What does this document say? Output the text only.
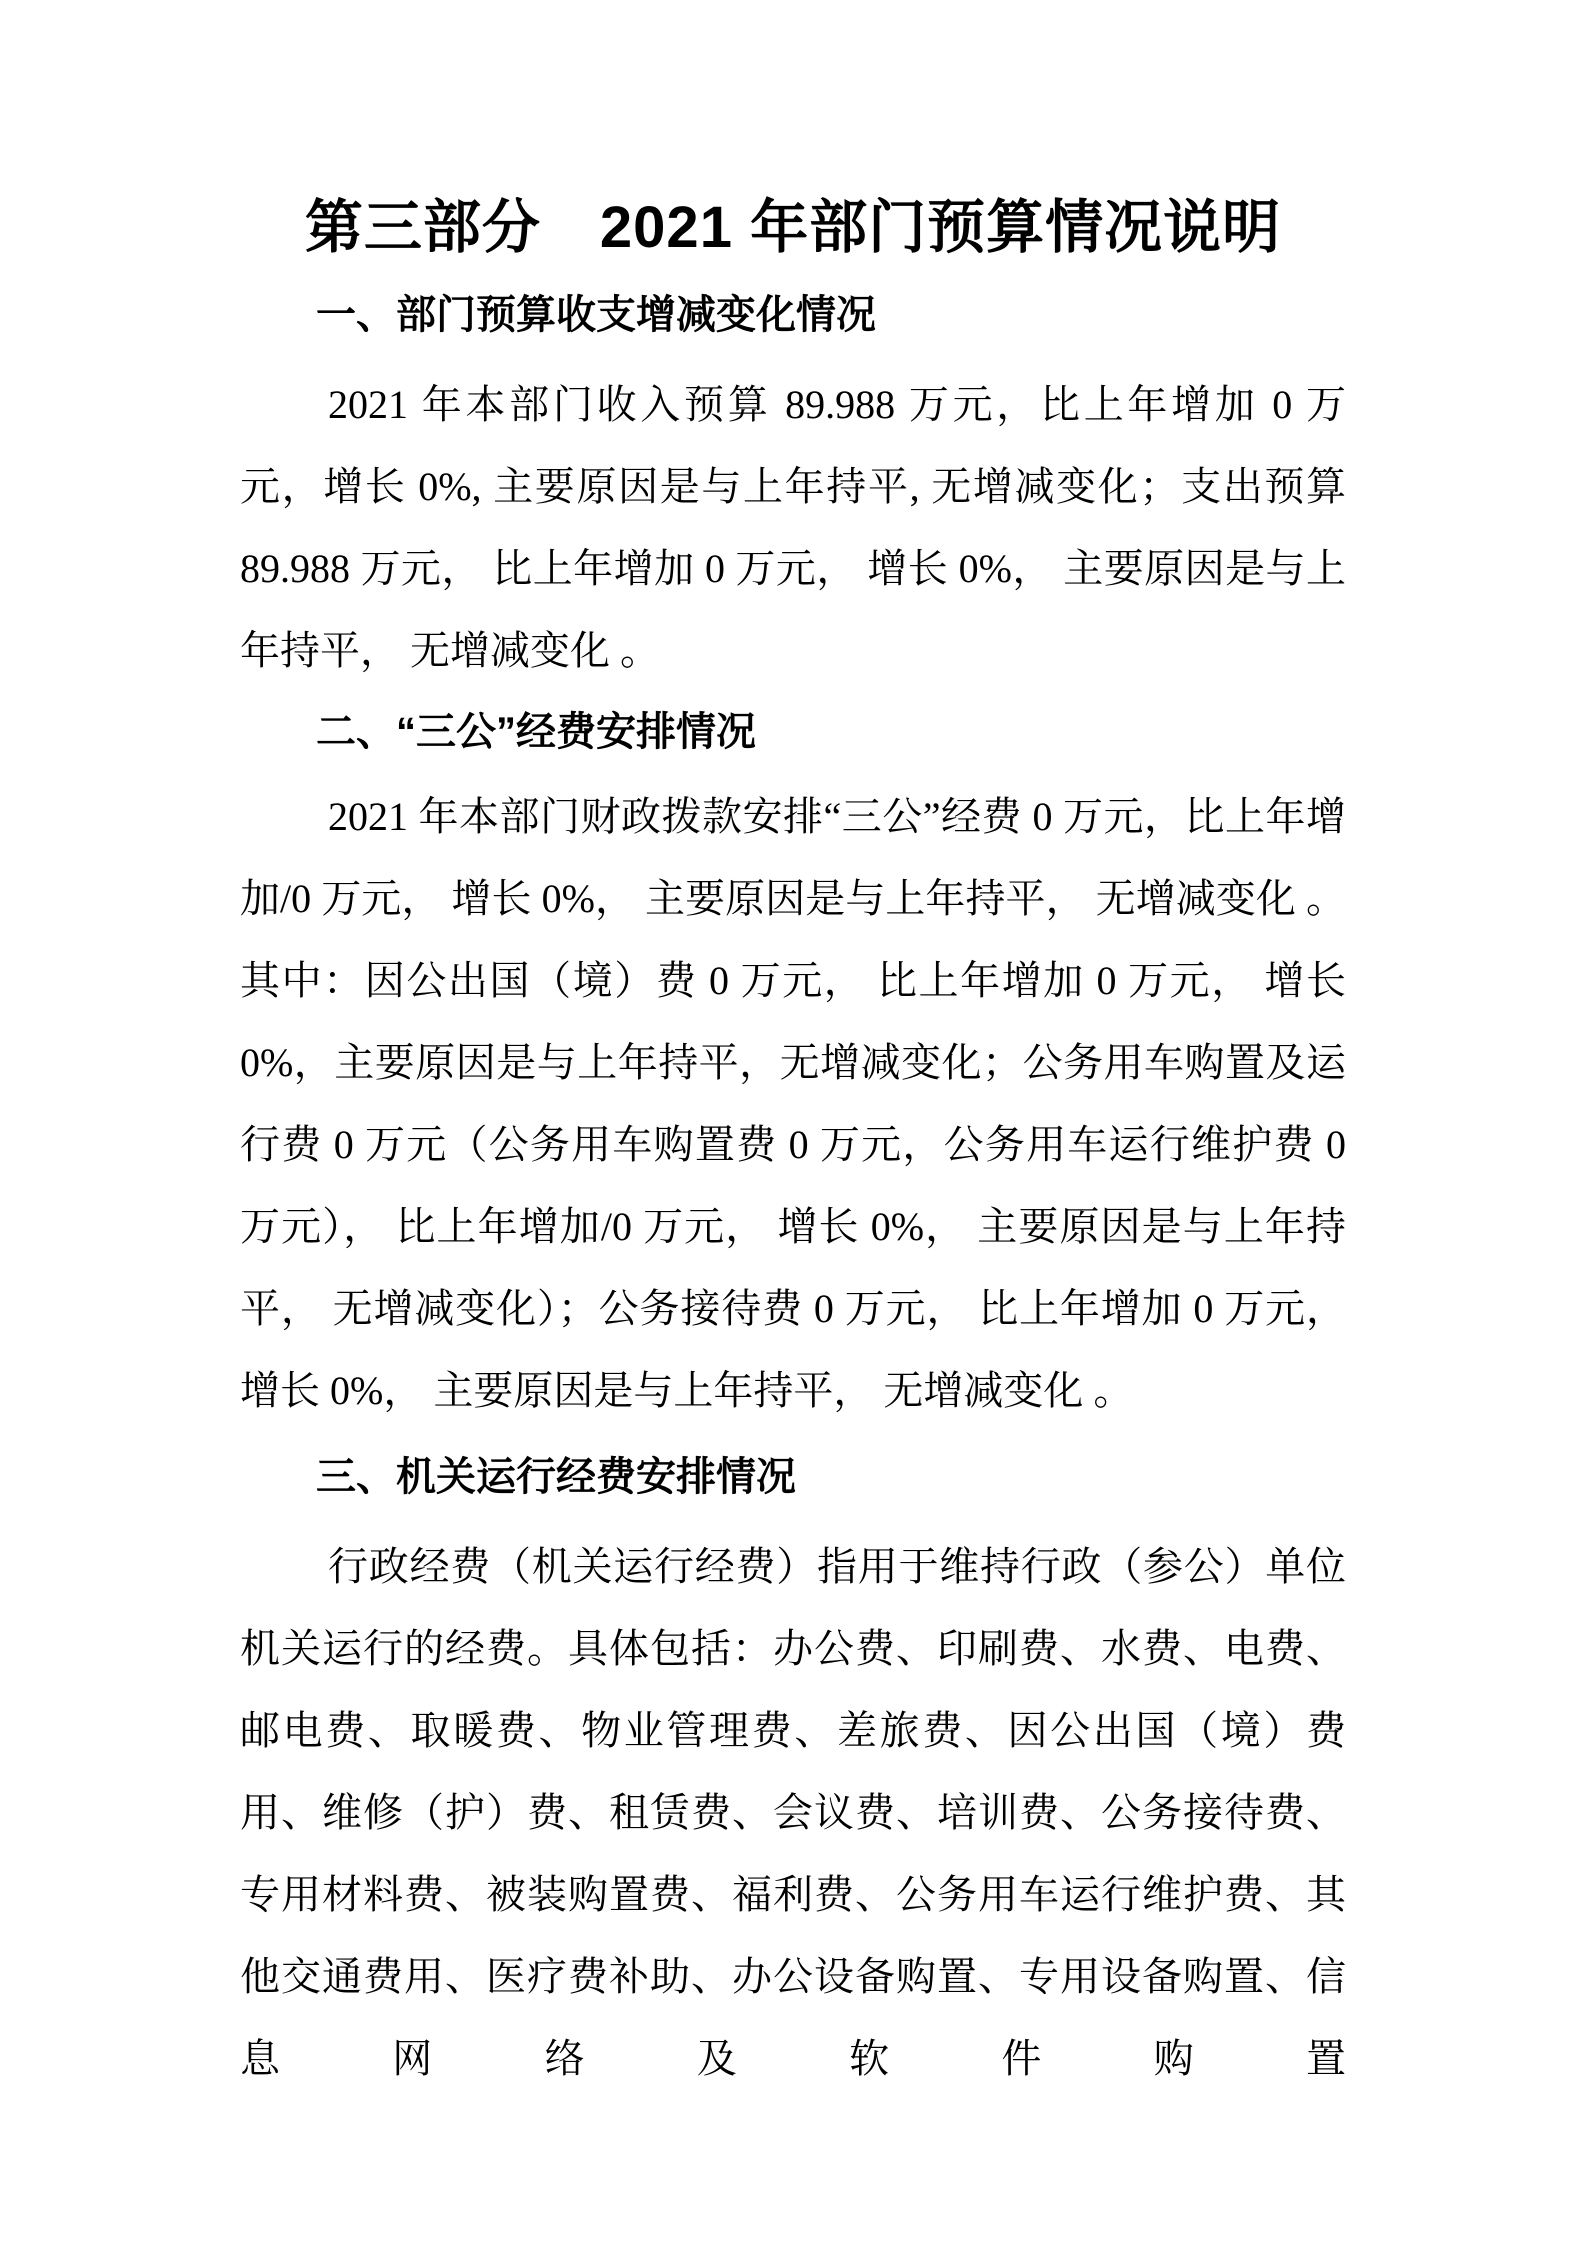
第三部分　2021 年部门预算情况说明
一、部门预算收支增减变化情况
2021 年本部门收入预算 89.988 万元，比上年增加 0 万元，增长 0%, 主要原因是与上年持平, 无增减变化；支出预算 89.988 万元， 比上年增加 0 万元， 增长 0%， 主要原因是与上年持平， 无增减变化 。
二、“三公”经费安排情况
2021 年本部门财政拨款安排“三公”经费 0 万元，比上年增加/0 万元， 增长 0%， 主要原因是与上年持平， 无增减变化 。其中：因公出国（境）费 0 万元， 比上年增加 0 万元， 增长 0%，主要原因是与上年持平，无增减变化；公务用车购置及运行费 0 万元（公务用车购置费 0 万元，公务用车运行维护费 0 万元）， 比上年增加/0 万元， 增长 0%， 主要原因是与上年持平， 无增减变化）；公务接待费 0 万元， 比上年增加 0 万元， 增长 0%， 主要原因是与上年持平， 无增减变化 。
三、机关运行经费安排情况
行政经费（机关运行经费）指用于维持行政（参公）单位机关运行的经费。具体包括：办公费、印刷费、水费、电费、邮电费、取暖费、物业管理费、差旅费、因公出国（境）费用、维修（护）费、租赁费、会议费、培训费、公务接待费、专用材料费、被装购置费、福利费、公务用车运行维护费、其他交通费用、医疗费补助、办公设备购置、专用设备购置、信息网络及软件购置
